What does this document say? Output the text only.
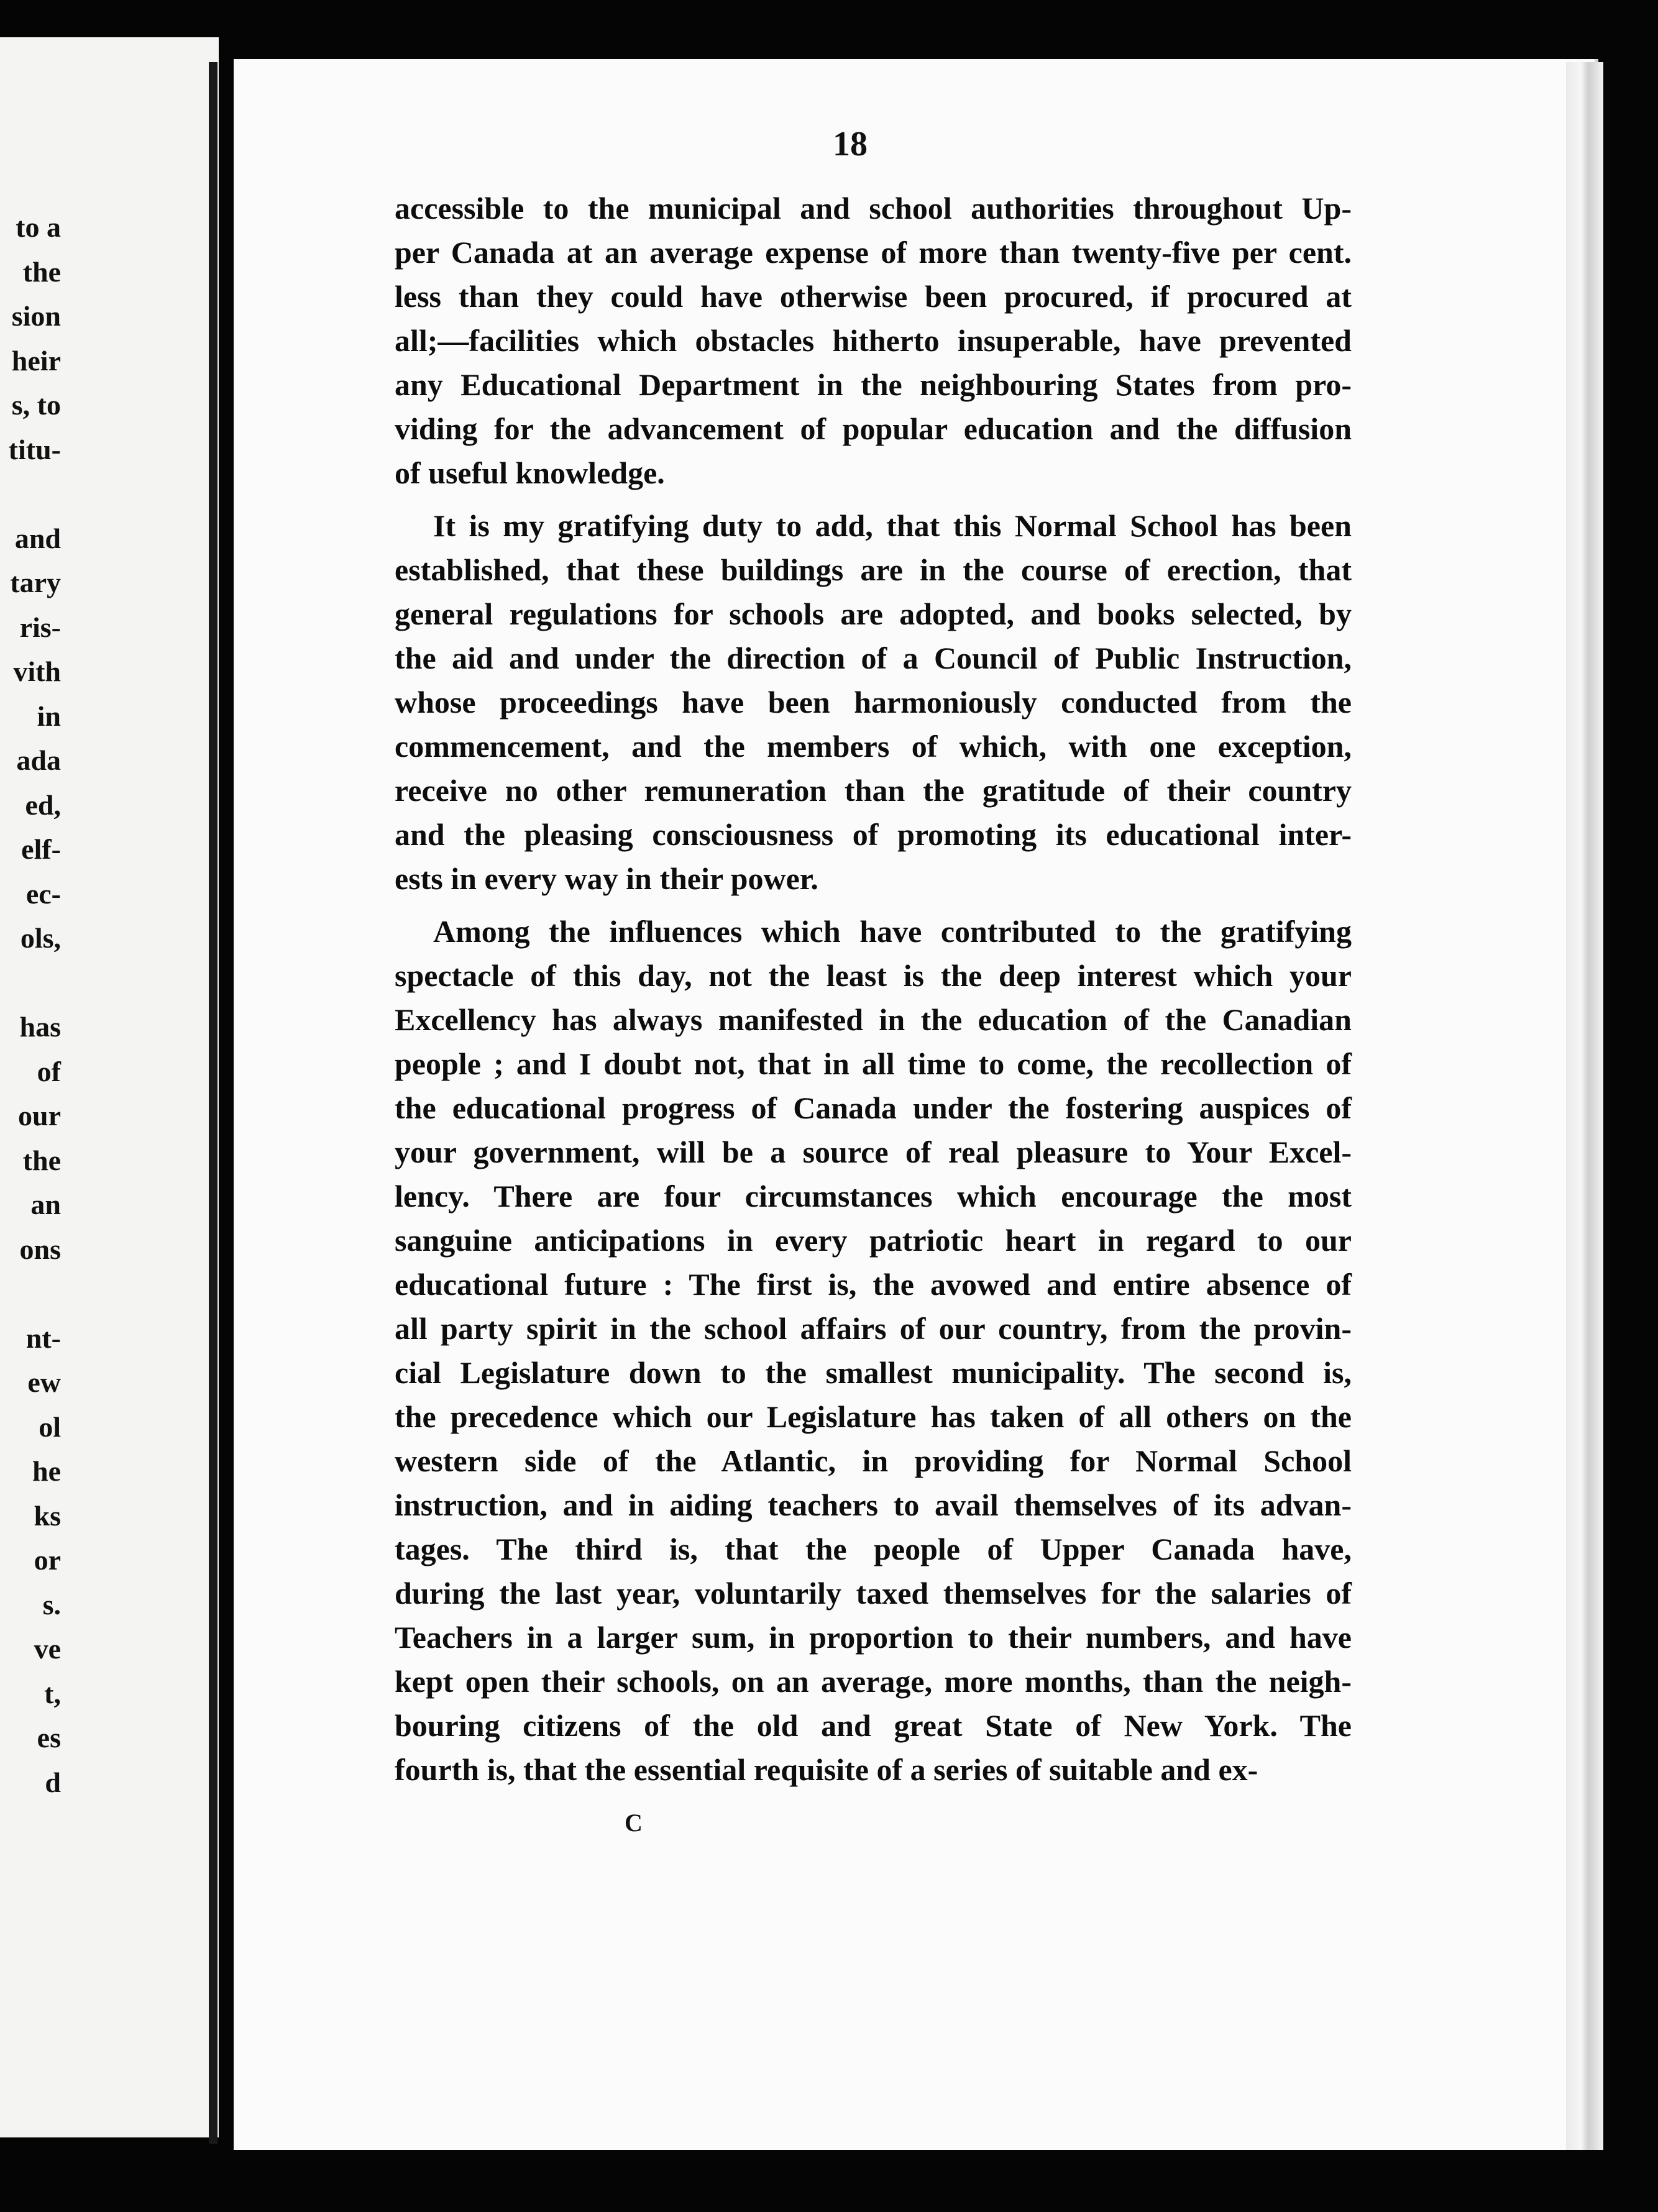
to a
the
sion
heir
s, to
titu-
and
tary
ris-
vith
in
ada
ed,
elf-
ec-
ols,
has
of
our
the
an
ons
nt-
ew
ol
he
ks
or
s.
ve
t,
es
d
18
accessible to the municipal and school authorities throughout Up-
per Canada at an average expense of more than twenty-five per cent.
less than they could have otherwise been procured, if procured at
all;—facilities which obstacles hitherto insuperable, have prevented
any Educational Department in the neighbouring States from pro-
viding for the advancement of popular education and the diffusion
of useful knowledge.
It is my gratifying duty to add, that this Normal School has been
established, that these buildings are in the course of erection, that
general regulations for schools are adopted, and books selected, by
the aid and under the direction of a Council of Public Instruction,
whose proceedings have been harmoniously conducted from the
commencement, and the members of which, with one exception,
receive no other remuneration than the gratitude of their country
and the pleasing consciousness of promoting its educational inter-
ests in every way in their power.
Among the influences which have contributed to the gratifying
spectacle of this day, not the least is the deep interest which your
Excellency has always manifested in the education of the Canadian
people ; and I doubt not, that in all time to come, the recollection of
the educational progress of Canada under the fostering auspices of
your government, will be a source of real pleasure to Your Excel-
lency. There are four circumstances which encourage the most
sanguine anticipations in every patriotic heart in regard to our
educational future : The first is, the avowed and entire absence of
all party spirit in the school affairs of our country, from the provin-
cial Legislature down to the smallest municipality. The second is,
the precedence which our Legislature has taken of all others on the
western side of the Atlantic, in providing for Normal School
instruction, and in aiding teachers to avail themselves of its advan-
tages. The third is, that the people of Upper Canada have,
during the last year, voluntarily taxed themselves for the salaries of
Teachers in a larger sum, in proportion to their numbers, and have
kept open their schools, on an average, more months, than the neigh-
bouring citizens of the old and great State of New York. The
fourth is, that the essential requisite of a series of suitable and ex-
C
